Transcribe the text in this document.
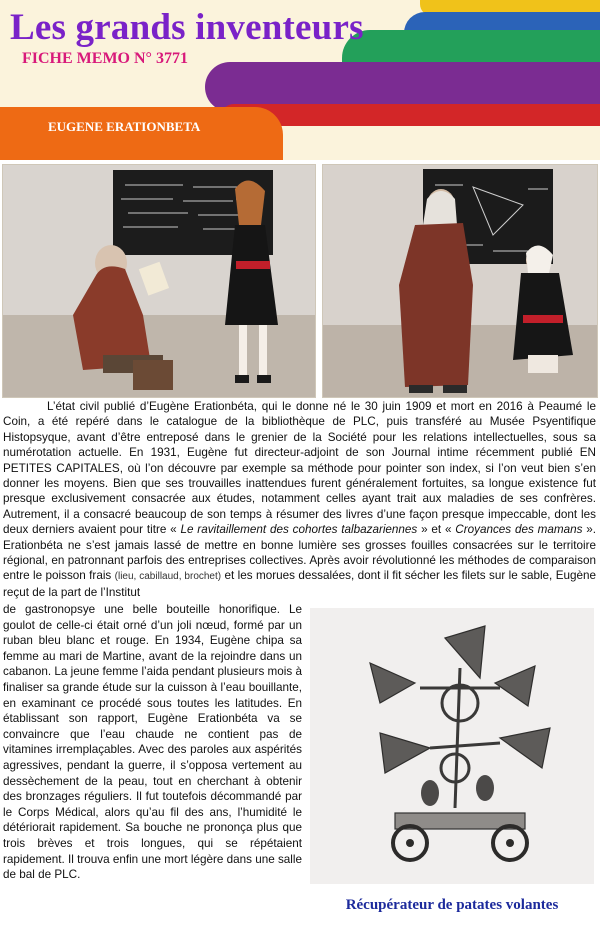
Les grands inventeurs
FICHE MEMO N° 3771
EUGENE ERATIONBETA

L’état civil publié d’Eugène Erationbéta, qui le donne né le 30 juin 1909 et mort en 2016 à Peaumé le Coin, a été repéré dans le catalogue de la bibliothèque de PLC, puis transféré au Musée Psyentifique Histopsyque, avant d’être entreposé dans le grenier de la Société pour les relations intellectuelles, sous sa numérotation actuelle. En 1931, Eugène fut directeur-adjoint de son Journal intime récemment publié EN PETITES CAPITALES, où l’on découvre par exemple sa méthode pour pointer son index, si l’on veut bien s’en donner les moyens. Bien que ses trouvailles inattendues furent généralement fortuites, sa longue existence fut presque exclusivement consacrée aux études, notamment celles ayant trait aux maladies de ses confrères. Autrement, il a consacré beaucoup de son temps à résumer des livres d’une façon presque impeccable, dont les deux derniers avaient pour titre « Le ravitaillement des cohortes talbazariennes » et « Croyances des mamans ». Erationbéta ne s’est jamais lassé de mettre en bonne lumière ses grosses fouilles consacrées sur le territoire régional, en patronnant parfois des entreprises collectives. Après avoir révolutionné les méthodes de comparaison entre le poisson frais (lieu, cabillaud, brochet) et les morues dessalées, dont il fit sécher les filets sur le sable, Eugène reçut de la part de l’Institut

de gastronopsye une belle bouteille honorifique. Le goulot de celle-ci était orné d’un joli nœud, formé par un ruban bleu blanc et rouge. En 1934, Eugène chipa sa femme au mari de Martine, avant de la rejoindre dans un cabanon. La jeune femme l’aida pendant plusieurs mois à finaliser sa grande étude sur la cuisson à l’eau bouillante, en examinant ce procédé sous toutes les latitudes. En établissant son rapport, Eugène Erationbéta va se convaincre que l’eau chaude ne contient pas de vitamines irremplaçables. Avec des paroles aux aspérités agressives, pendant la guerre, il s’opposa vertement au dessèchement de la peau, tout en cherchant à obtenir des bronzages réguliers. Il fut toutefois décommandé par le Corps Médical, alors qu’au fil des ans, l’humidité le détériorait rapidement. Sa bouche ne prononça plus que trois brèves et trois longues, qui se répétaient rapidement. Il trouva enfin une mort légère dans une salle de bal de PLC.

Récupérateur de patates volantes
